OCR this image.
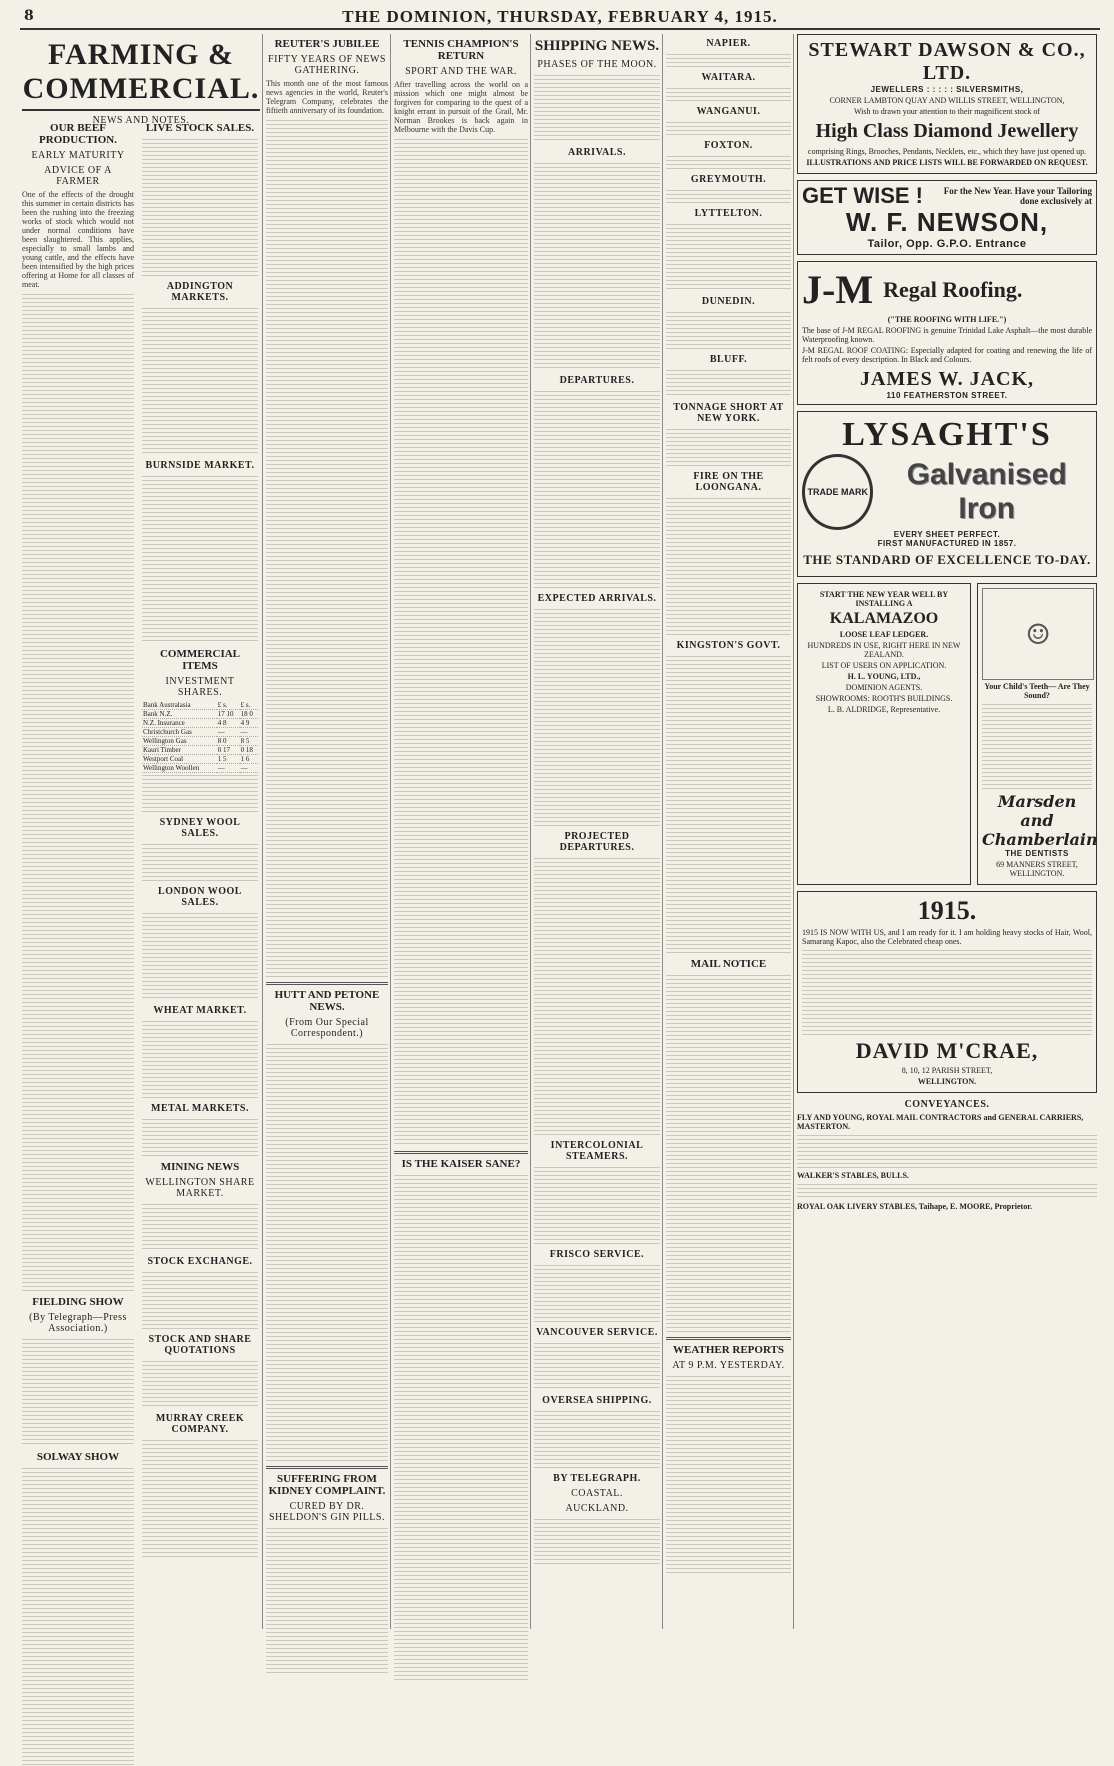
8	THE DOMINION, THURSDAY, FEBRUARY 4, 1915.
FARMING & COMMERCIAL.
NEWS AND NOTES.
OUR BEEF PRODUCTION.
EARLY MATURITY
ADVICE OF A FARMER

One of the effects of the drought this summer in certain districts has been the rushing into the freezing works of stock which would not under normal conditions have been slaughtered. This applies, especially to small lambs and young cattle, and the effects have been intensified by the high prices offering at Home for all classes of meat.

FIELDING SHOW
(By Telegraph—Press Association.)
SOLWAY SHOW
LIVE STOCK SALES.
ADDINGTON MARKETS.
BURNSIDE MARKET.
COMMERCIAL ITEMS
INVESTMENT SHARES.
Bank Australasia	£ s.	£ s.
Bank N.Z.	17 10	18 0
N.Z. Insurance	4 8	4 9
Christchurch Gas	—	—
Wellington Gas	8 0	8 5
Kauri Timber	0 17	0 18
Westport Coal	1 5	1 6
Wellington Woollen	—	—
SYDNEY WOOL SALES.
LONDON WOOL SALES.
WHEAT MARKET.
METAL MARKETS.
MINING NEWS
WELLINGTON SHARE MARKET.
STOCK EXCHANGE.
STOCK AND SHARE QUOTATIONS
MURRAY CREEK COMPANY.
REUTER'S JUBILEE
FIFTY YEARS OF NEWS GATHERING.

This month one of the most famous news agencies in the world, Reuter's Telegram Company, celebrates the fiftieth anniversary of its foundation.

HUTT AND PETONE NEWS.
(From Our Special Correspondent.)
SUFFERING FROM KIDNEY COMPLAINT.
CURED BY DR. SHELDON'S GIN PILLS.
TENNIS CHAMPION'S RETURN
SPORT AND THE WAR.

After travelling across the world on a mission which one might almost be forgiven for comparing to the quest of a knight errant in pursuit of the Grail, Mr. Norman Brookes is back again in Melbourne with the Davis Cup.

IS THE KAISER SANE?
SHIPPING NEWS.
PHASES OF THE MOON.
ARRIVALS.
DEPARTURES.
EXPECTED ARRIVALS.
PROJECTED DEPARTURES.
INTERCOLONIAL STEAMERS.
FRISCO SERVICE.
VANCOUVER SERVICE.
OVERSEA SHIPPING.
BY TELEGRAPH.
COASTAL.
AUCKLAND.
NAPIER.
WAITARA.
WANGANUI.
FOXTON.
GREYMOUTH.
LYTTELTON.
DUNEDIN.
BLUFF.
TONNAGE SHORT AT NEW YORK.
FIRE ON THE LOONGANA.
KINGSTON'S GOVT.
MAIL NOTICE
WEATHER REPORTS
AT 9 P.M. YESTERDAY.
STEWART DAWSON & CO., LTD.
JEWELLERS : : : : : SILVERSMITHS,
CORNER LAMBTON QUAY AND WILLIS STREET, WELLINGTON,
Wish to drawn your attention to their magnificent stock of
High Class Diamond Jewellery
comprising Rings, Brooches, Pendants, Necklets, etc., which they have just opened up.
ILLUSTRATIONS AND PRICE LISTS WILL BE FORWARDED ON REQUEST.
GET WISE !	For the New Year. Have your Tailoring done exclusively at
W. F. NEWSON,
Tailor, Opp. G.P.O. Entrance
J-M Regal Roofing.
("THE ROOFING WITH LIFE.")
The base of J-M REGAL ROOFING is genuine Trinidad Lake Asphalt—the most durable Waterproofing known.
J-M REGAL ROOF COATING: Especially adapted for coating and renewing the life of felt roofs of every description. In Black and Colours.
JAMES W. JACK,
110 FEATHERSTON STREET.
LYSAGHT'S
TRADE MARK
Galvanised Iron
EVERY SHEET PERFECT.
FIRST MANUFACTURED IN 1857.
THE STANDARD OF EXCELLENCE TO-DAY.
START THE NEW YEAR WELL BY INSTALLING A
KALAMAZOO
LOOSE LEAF LEDGER.
HUNDREDS IN USE, RIGHT HERE IN NEW ZEALAND.
LIST OF USERS ON APPLICATION.
H. L. YOUNG, LTD.,
DOMINION AGENTS.
SHOWROOMS: ROOTH'S BUILDINGS.
L. B. ALDRIDGE, Representative.
☺
Your Child's Teeth— Are They Sound?
Marsden and Chamberlain
THE DENTISTS
69 MANNERS STREET, WELLINGTON.
1915.
1915 IS NOW WITH US, and I am ready for it. I am holding heavy stocks of Hair, Wool, Samarang Kapoc, also the Celebrated cheap ones.
DAVID M'CRAE,
8, 10, 12 PARISH STREET,
WELLINGTON.
CONVEYANCES.
FLY AND YOUNG, ROYAL MAIL CONTRACTORS and GENERAL CARRIERS, MASTERTON.
WALKER'S STABLES, BULLS.
ROYAL OAK LIVERY STABLES, Taihape, E. MOORE, Proprietor.
